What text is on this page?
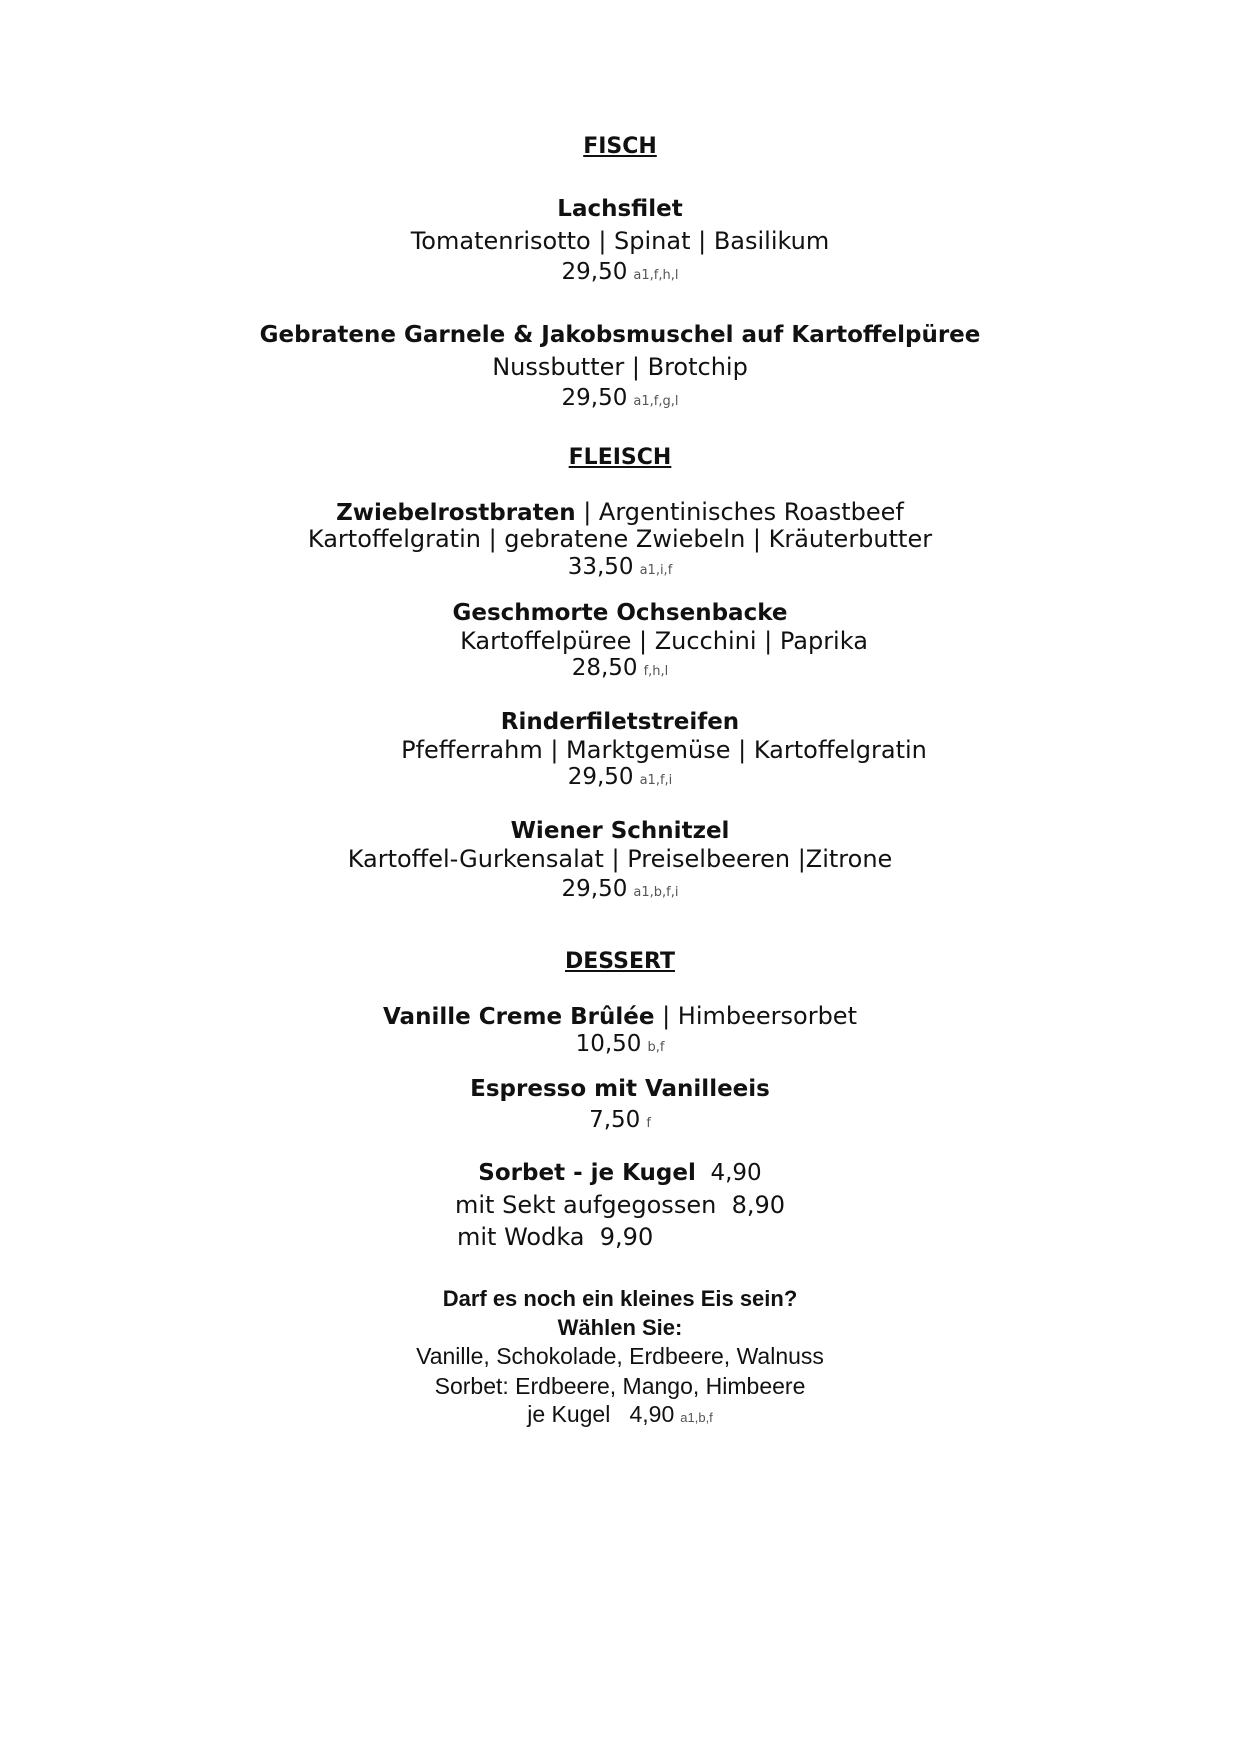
FISCH
Lachsfilet
Tomatenrisotto | Spinat | Basilikum
29,50 a1,f,h,l
Gebratene Garnele & Jakobsmuschel auf Kartoffelpüree
Nussbutter | Brotchip
29,50 a1,f,g,l
FLEISCH
Zwiebelrostbraten | Argentinisches Roastbeef
Kartoffelgratin | gebratene Zwiebeln | Kräuterbutter
33,50 a1,i,f
Geschmorte Ochsenbacke
Kartoffelpüree | Zucchini | Paprika
28,50 f,h,l
Rinderfiletstreifen
Pfefferrahm | Marktgemüse | Kartoffelgratin
29,50 a1,f,i
Wiener Schnitzel
Kartoffel-Gurkensalat | Preiselbeeren |Zitrone
29,50 a1,b,f,i
DESSERT
Vanille Creme Brûlée | Himbeersorbet
10,50 b,f
Espresso mit Vanilleeis
7,50 f
Sorbet - je Kugel 4,90
mit Sekt aufgegossen 8,90
mit Wodka 9,90
Darf es noch ein kleines Eis sein?
Wählen Sie:
Vanille, Schokolade, Erdbeere, Walnuss
Sorbet: Erdbeere, Mango, Himbeere
je Kugel 4,90 a1,b,f
